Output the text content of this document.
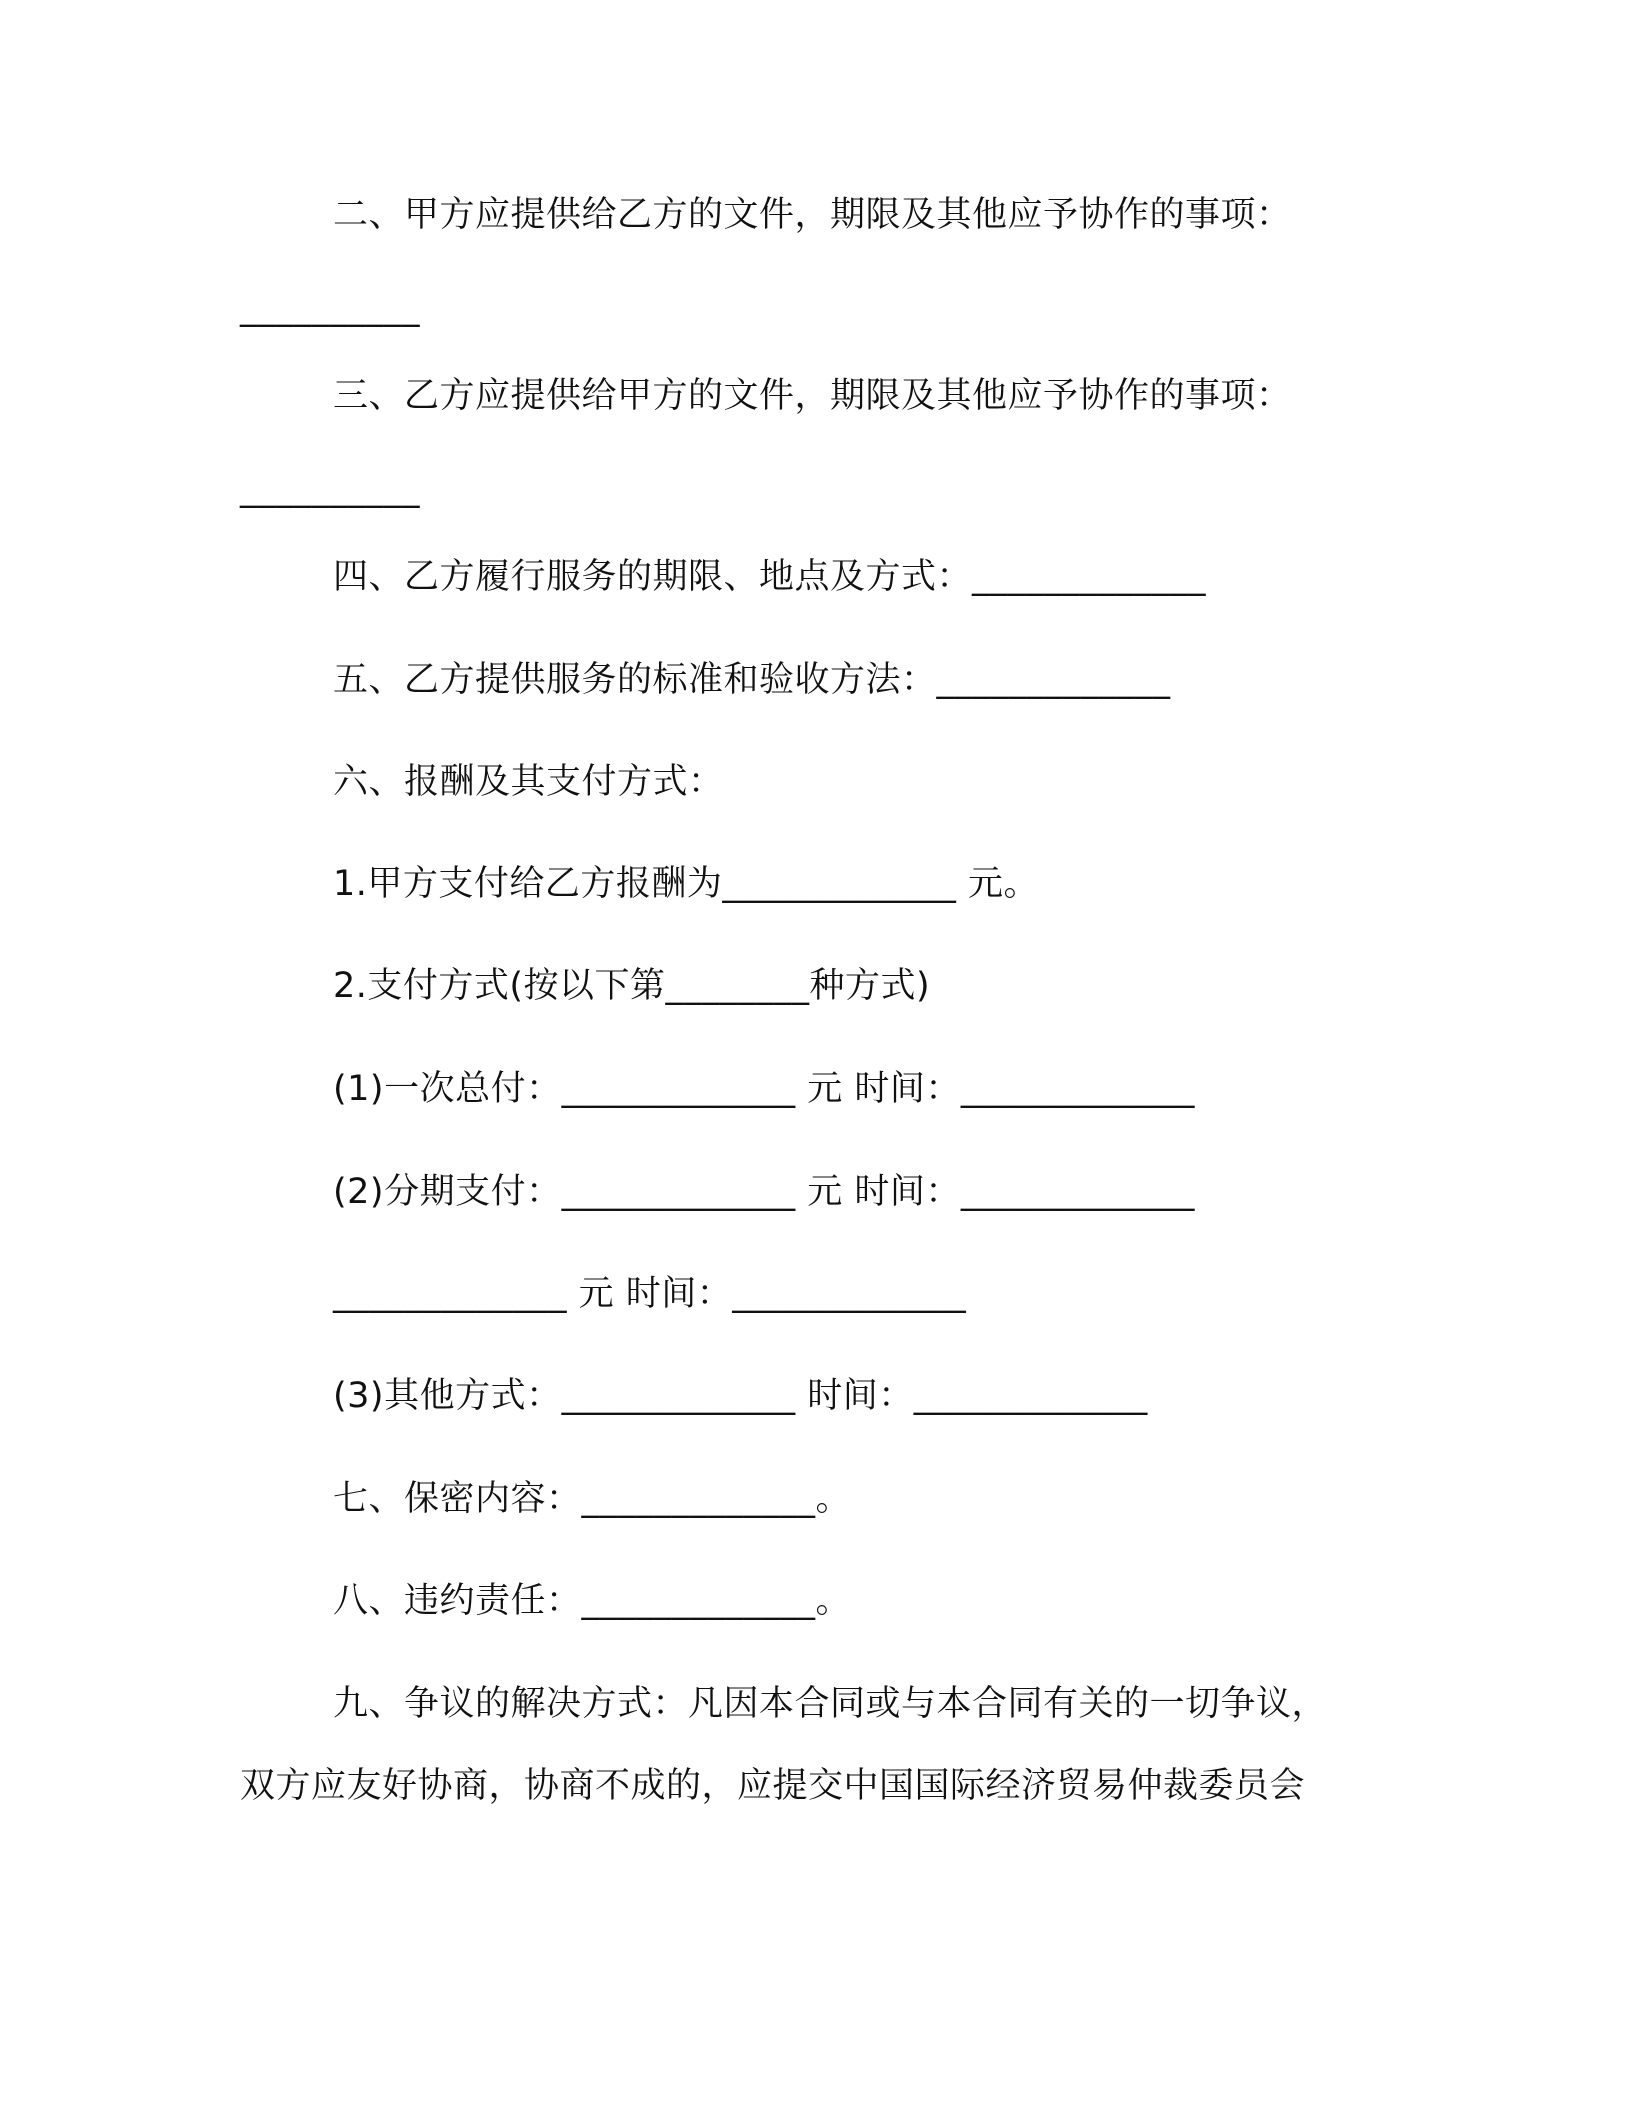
二、甲方应提供给乙方的文件，期限及其他应予协作的事项：
__________
三、乙方应提供给甲方的文件，期限及其他应予协作的事项：
__________
四、乙方履行服务的期限、地点及方式：_____________
五、乙方提供服务的标准和验收方法：_____________
六、报酬及其支付方式：
1.甲方支付给乙方报酬为_____________ 元。
2.支付方式(按以下第________种方式)
(1)一次总付：_____________ 元 时间：_____________
(2)分期支付：_____________ 元 时间：_____________
_____________ 元 时间：_____________
(3)其他方式：_____________ 时间：_____________
七、保密内容：_____________。
八、违约责任：_____________。
九、争议的解决方式：凡因本合同或与本合同有关的一切争议，
双方应友好协商，协商不成的，应提交中国国际经济贸易仲裁委员会
